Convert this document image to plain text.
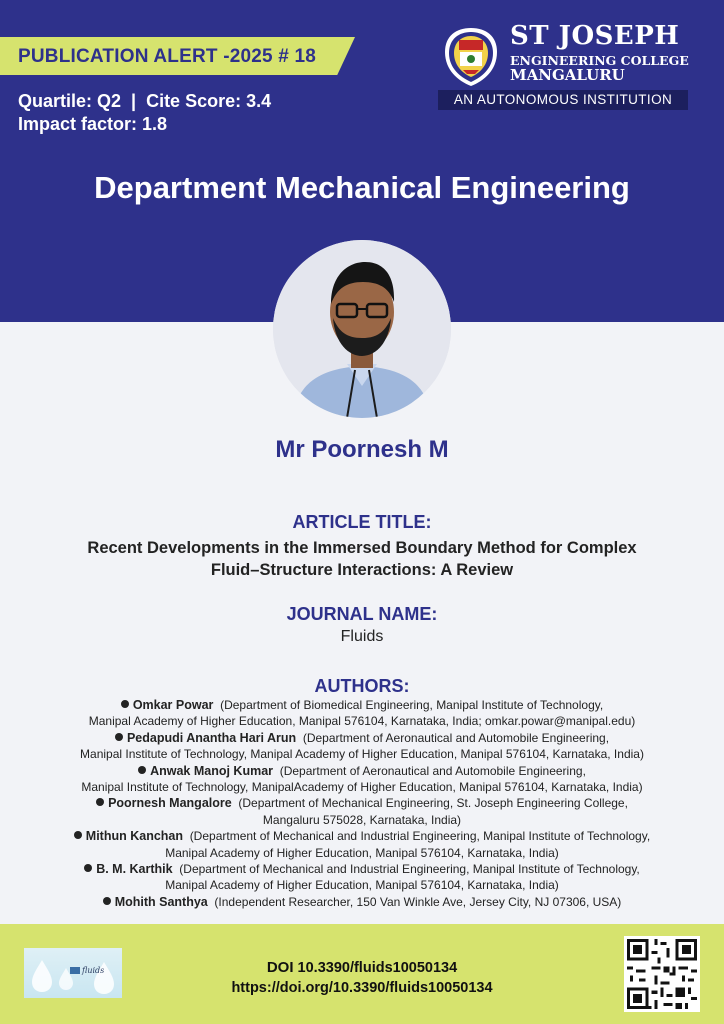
PUBLICATION ALERT -2025 # 18
Quartile: Q2  |  Cite Score: 3.4
Impact factor: 1.8
ST JOSEPH
ENGINEERING COLLEGE
MANGALURU
AN AUTONOMOUS INSTITUTION
Department Mechanical Engineering
Mr Poornesh M
ARTICLE TITLE:
Recent Developments in the Immersed Boundary Method for Complex
Fluid–Structure Interactions: A Review
JOURNAL NAME:
Fluids
AUTHORS:

Omkar Powar (Department of Biomedical Engineering, Manipal Institute of Technology,

Manipal Academy of Higher Education, Manipal 576104, Karnataka, India; omkar.powar@manipal.edu)

Pedapudi Anantha Hari Arun (Department of Aeronautical and Automobile Engineering,

Manipal Institute of Technology, Manipal Academy of Higher Education, Manipal 576104, Karnataka, India)

Anwak Manoj Kumar (Department of Aeronautical and Automobile Engineering,

Manipal Institute of Technology, ManipalAcademy of Higher Education, Manipal 576104, Karnataka, India)

Poornesh Mangalore (Department of Mechanical Engineering, St. Joseph Engineering College,

Mangaluru 575028, Karnataka, India)

Mithun Kanchan (Department of Mechanical and Industrial Engineering, Manipal Institute of Technology,

Manipal Academy of Higher Education, Manipal 576104, Karnataka, India)

B. M. Karthik (Department of Mechanical and Industrial Engineering, Manipal Institute of Technology,

Manipal Academy of Higher Education, Manipal 576104, Karnataka, India)

Mohith Santhya (Independent Researcher, 150 Van Winkle Ave, Jersey City, NJ 07306, USA)

fluids	DOI 10.3390/fluids10050134
https://doi.org/10.3390/fluids10050134
